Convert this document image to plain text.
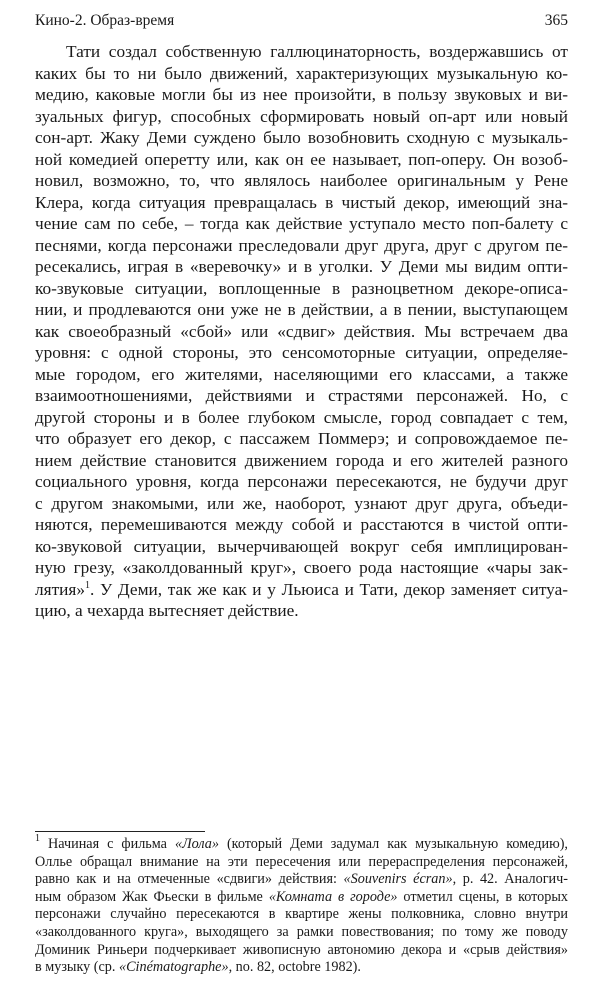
Кино-2. Образ-время	365
Тати создал собственную галлюцинаторность, воздержавшись от
каких бы то ни было движений, характеризующих музыкальную ко-
медию, каковые могли бы из нее произойти, в пользу звуковых и ви-
зуальных фигур, способных сформировать новый оп-арт или новый
сон-арт. Жаку Деми суждено было возобновить сходную с музыкаль-
ной комедией оперетту или, как он ее называет, поп-оперу. Он возоб-
новил, возможно, то, что являлось наиболее оригинальным у Рене
Клера, когда ситуация превращалась в чистый декор, имеющий зна-
чение сам по себе, – тогда как действие уступало место поп-балету с
песнями, когда персонажи преследовали друг друга, друг с другом пе-
ресекались, играя в «веревочку» и в уголки. У Деми мы видим опти-
ко-звуковые ситуации, воплощенные в разноцветном декоре-описа-
нии, и продлеваются они уже не в действии, а в пении, выступающем
как своеобразный «сбой» или «сдвиг» действия. Мы встречаем два
уровня: с одной стороны, это сенсомоторные ситуации, определяе-
мые городом, его жителями, населяющими его классами, а также
взаимоотношениями, действиями и страстями персонажей. Но, с
другой стороны и в более глубоком смысле, город совпадает с тем,
что образует его декор, с пассажем Поммерэ; и сопровождаемое пе-
нием действие становится движением города и его жителей разного
социального уровня, когда персонажи пересекаются, не будучи друг
с другом знакомыми, или же, наоборот, узнают друг друга, объеди-
няются, перемешиваются между собой и расстаются в чистой опти-
ко-звуковой ситуации, вычерчивающей вокруг себя имплицирован-
ную грезу, «заколдованный круг», своего рода настоящие «чары зак-
лятия»$^1$. У Деми, так же как и у Льюиса и Тати, декор заменяет ситуа-
цию, а чехарда вытесняет действие.
$^1$ Начиная с фильма «Лола» (который Деми задумал как музыкальную комедию),
Оллье обращал внимание на эти пересечения или перераспределения персонажей,
равно как и на отмеченные «сдвиги» действия: «Souvenirs écran», p. 42. Аналогич-
ным образом Жак Фьески в фильме «Комната в городе» отметил сцены, в которых
персонажи случайно пересекаются в квартире жены полковника, словно внутри
«заколдованного круга», выходящего за рамки повествования; по тому же поводу
Доминик Риньери подчеркивает живописную автономию декора и «срыв действия»
в музыку (ср. «Cinématographe», no. 82, octobre 1982).
